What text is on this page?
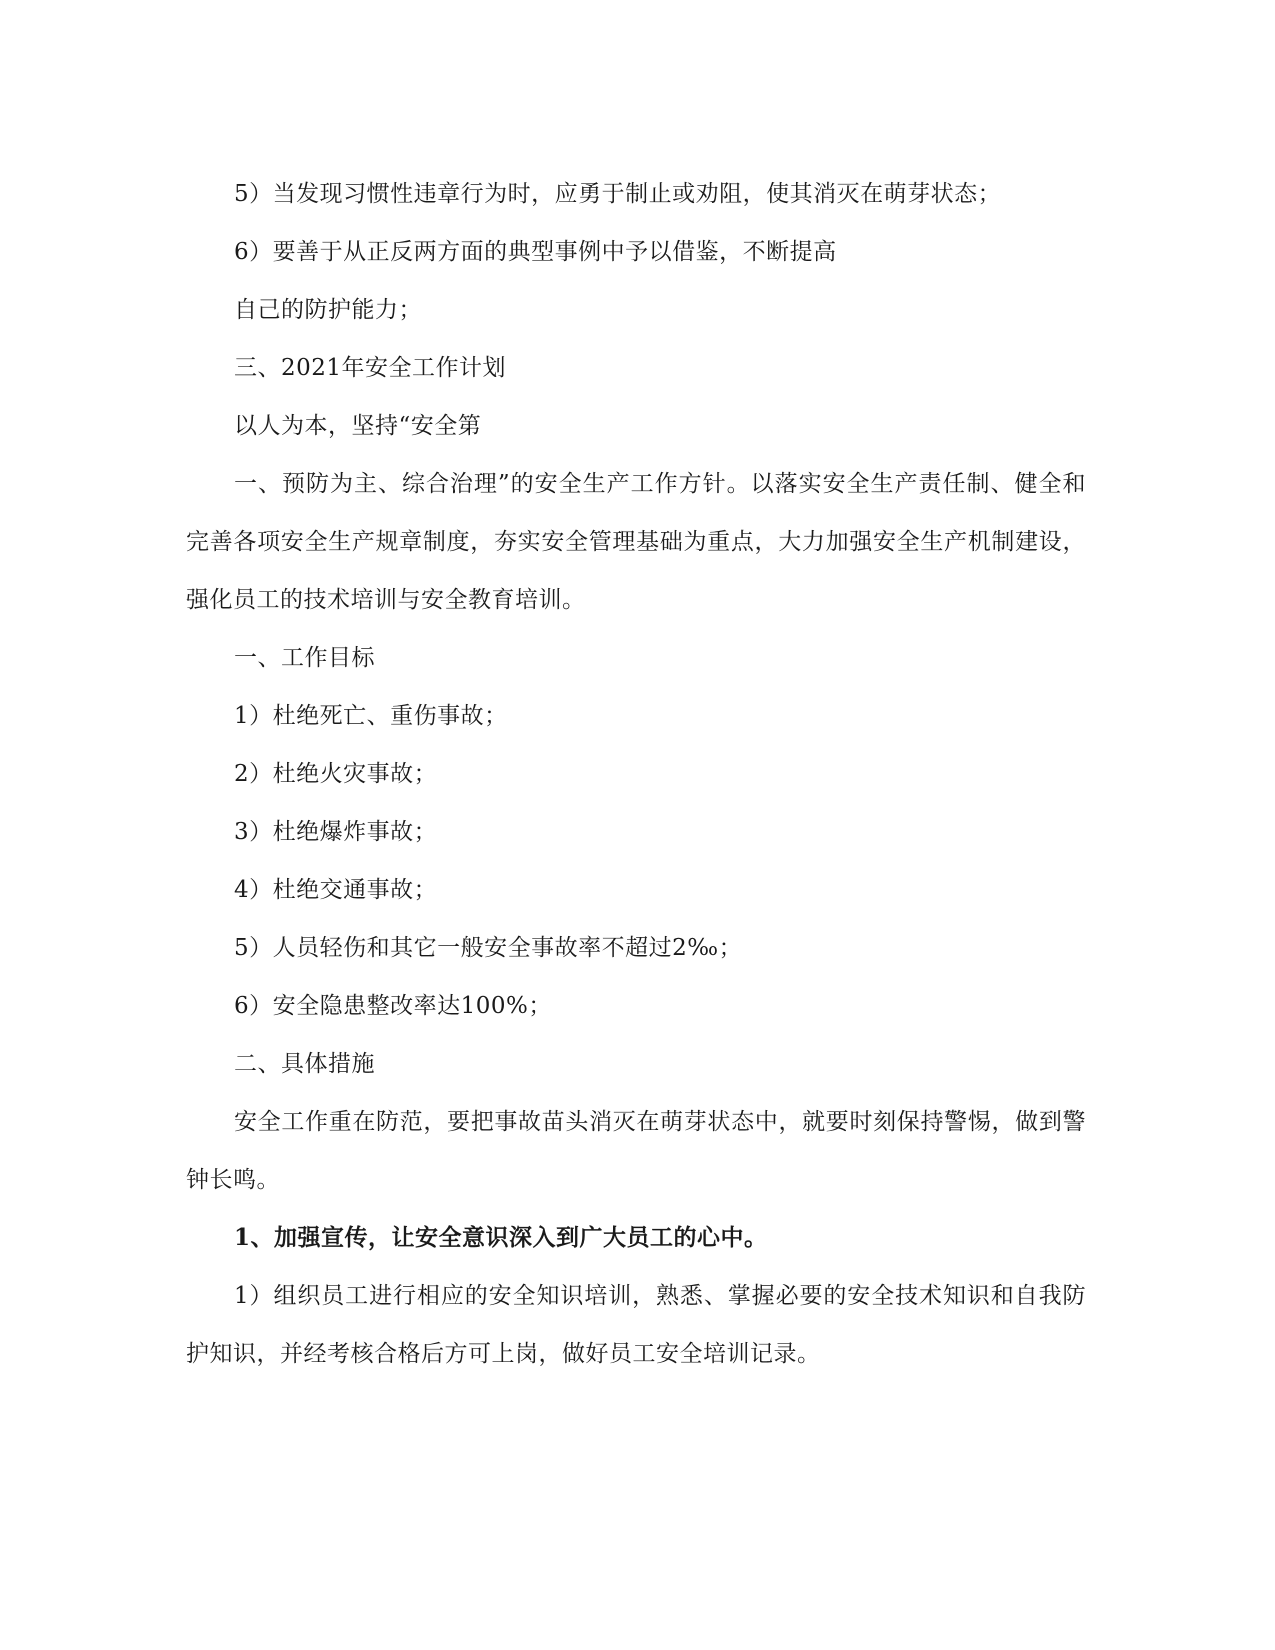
5）当发现习惯性违章行为时，应勇于制止或劝阻，使其消灭在萌芽状态；

6）要善于从正反两方面的典型事例中予以借鉴，不断提高

自己的防护能力；

三、2021年安全工作计划

以人为本，坚持“安全第

一、预防为主、综合治理”的安全生产工作方针。以落实安全生产责任制、健全和完善各项安全生产规章制度，夯实安全管理基础为重点，大力加强安全生产机制建设，强化员工的技术培训与安全教育培训。

一、工作目标

1）杜绝死亡、重伤事故；

2）杜绝火灾事故；

3）杜绝爆炸事故；

4）杜绝交通事故；

5）人员轻伤和其它一般安全事故率不超过2‰；

6）安全隐患整改率达100%；

二、具体措施

安全工作重在防范，要把事故苗头消灭在萌芽状态中，就要时刻保持警惕，做到警钟长鸣。

1、加强宣传，让安全意识深入到广大员工的心中。

1）组织员工进行相应的安全知识培训，熟悉、掌握必要的安全技术知识和自我防护知识，并经考核合格后方可上岗，做好员工安全培训记录。
